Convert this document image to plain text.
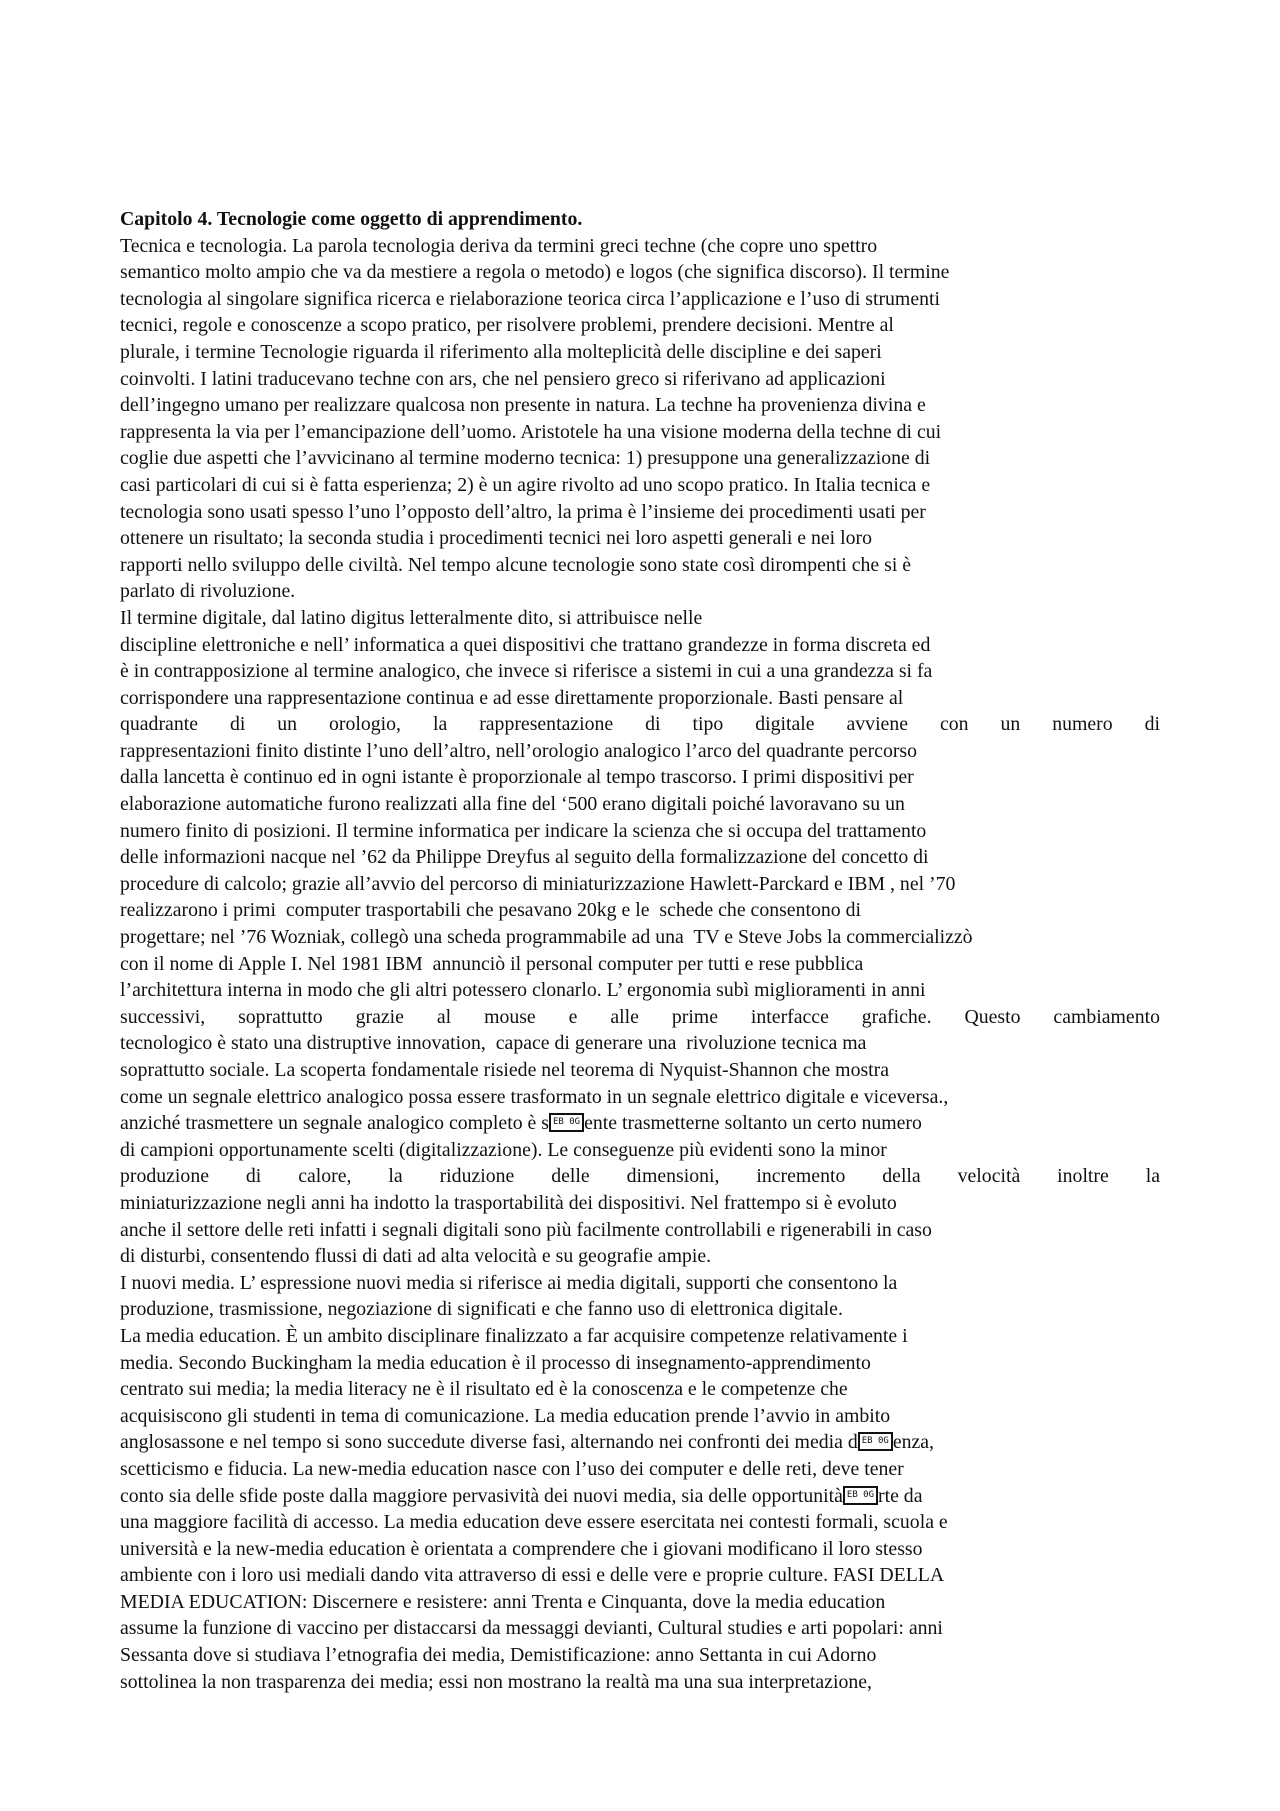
Capitolo 4. Tecnologie come oggetto di apprendimento.

Tecnica e tecnologia. La parola tecnologia deriva da termini greci techne (che copre uno spettro

semantico molto ampio che va da mestiere a regola o metodo) e logos (che significa discorso). Il termine

tecnologia al singolare significa ricerca e rielaborazione teorica circa l’applicazione e l’uso di strumenti

tecnici, regole e conoscenze a scopo pratico, per risolvere problemi, prendere decisioni. Mentre al

plurale, i termine Tecnologie riguarda il riferimento alla molteplicità delle discipline e dei saperi

coinvolti. I latini traducevano techne con ars, che nel pensiero greco si riferivano ad applicazioni

dell’ingegno umano per realizzare qualcosa non presente in natura. La techne ha provenienza divina e

rappresenta la via per l’emancipazione dell’uomo. Aristotele ha una visione moderna della techne di cui

coglie due aspetti che l’avvicinano al termine moderno tecnica: 1) presuppone una generalizzazione di

casi particolari di cui si è fatta esperienza; 2) è un agire rivolto ad uno scopo pratico. In Italia tecnica e

tecnologia sono usati spesso l’uno l’opposto dell’altro, la prima è l’insieme dei procedimenti usati per

ottenere un risultato; la seconda studia i procedimenti tecnici nei loro aspetti generali e nei loro

rapporti nello sviluppo delle civiltà. Nel tempo alcune tecnologie sono state così dirompenti che si è

parlato di rivoluzione.

Il termine digitale, dal latino digitus letteralmente dito, si attribuisce nelle

discipline elettroniche e nell’ informatica a quei dispositivi che trattano grandezze in forma discreta ed

è in contrapposizione al termine analogico, che invece si riferisce a sistemi in cui a una grandezza si fa

corrispondere una rappresentazione continua e ad esse direttamente proporzionale. Basti pensare al

quadrante di un orologio, la rappresentazione di tipo digitale avviene con un numero di

rappresentazioni finito distinte l’uno dell’altro, nell’orologio analogico l’arco del quadrante percorso

dalla lancetta è continuo ed in ogni istante è proporzionale al tempo trascorso. I primi dispositivi per

elaborazione automatiche furono realizzati alla fine del ‘500 erano digitali poiché lavoravano su un

numero finito di posizioni. Il termine informatica per indicare la scienza che si occupa del trattamento

delle informazioni nacque nel ’62 da Philippe Dreyfus al seguito della formalizzazione del concetto di

procedure di calcolo; grazie all’avvio del percorso di miniaturizzazione Hawlett-Parckard e IBM , nel ’70

realizzarono i primi  computer trasportabili che pesavano 20kg e le  schede che consentono di

progettare; nel ’76 Wozniak, collegò una scheda programmabile ad una  TV e Steve Jobs la commercializzò

con il nome di Apple I. Nel 1981 IBM  annunciò il personal computer per tutti e rese pubblica

l’architettura interna in modo che gli altri potessero clonarlo. L’ ergonomia subì miglioramenti in anni

successivi, soprattutto grazie al mouse e alle prime interfacce grafiche. Questo cambiamento

tecnologico è stato una distruptive innovation,  capace di generare una  rivoluzione tecnica ma

soprattutto sociale. La scoperta fondamentale risiede nel teorema di Nyquist-Shannon che mostra

come un segnale elettrico analogico possa essere trasformato in un segnale elettrico digitale e viceversa.,

anziché trasmettere un segnale analogico completo è s EB 0G ente trasmetterne soltanto un certo numero

di campioni opportunamente scelti (digitalizzazione). Le conseguenze più evidenti sono la minor

produzione di calore, la riduzione delle dimensioni, incremento della velocità inoltre la

miniaturizzazione negli anni ha indotto la trasportabilità dei dispositivi. Nel frattempo si è evoluto

anche il settore delle reti infatti i segnali digitali sono più facilmente controllabili e rigenerabili in caso

di disturbi, consentendo flussi di dati ad alta velocità e su geografie ampie.

I nuovi media. L’ espressione nuovi media si riferisce ai media digitali, supporti che consentono la

produzione, trasmissione, negoziazione di significati e che fanno uso di elettronica digitale.

La media education. È un ambito disciplinare finalizzato a far acquisire competenze relativamente i

media. Secondo Buckingham la media education è il processo di insegnamento-apprendimento

centrato sui media; la media literacy ne è il risultato ed è la conoscenza e le competenze che

acquisiscono gli studenti in tema di comunicazione. La media education prende l’avvio in ambito

anglosassone e nel tempo si sono succedute diverse fasi, alternando nei confronti dei media d EB 0G enza,

scetticismo e fiducia. La new-media education nasce con l’uso dei computer e delle reti, deve tener

conto sia delle sfide poste dalla maggiore pervasività dei nuovi media, sia delle opportunità EB 0G rte da

una maggiore facilità di accesso. La media education deve essere esercitata nei contesti formali, scuola e

università e la new-media education è orientata a comprendere che i giovani modificano il loro stesso

ambiente con i loro usi mediali dando vita attraverso di essi e delle vere e proprie culture. FASI DELLA

MEDIA EDUCATION: Discernere e resistere: anni Trenta e Cinquanta, dove la media education

assume la funzione di vaccino per distaccarsi da messaggi devianti, Cultural studies e arti popolari: anni

Sessanta dove si studiava l’etnografia dei media, Demistificazione: anno Settanta in cui Adorno

sottolinea la non trasparenza dei media; essi non mostrano la realtà ma una sua interpretazione,
